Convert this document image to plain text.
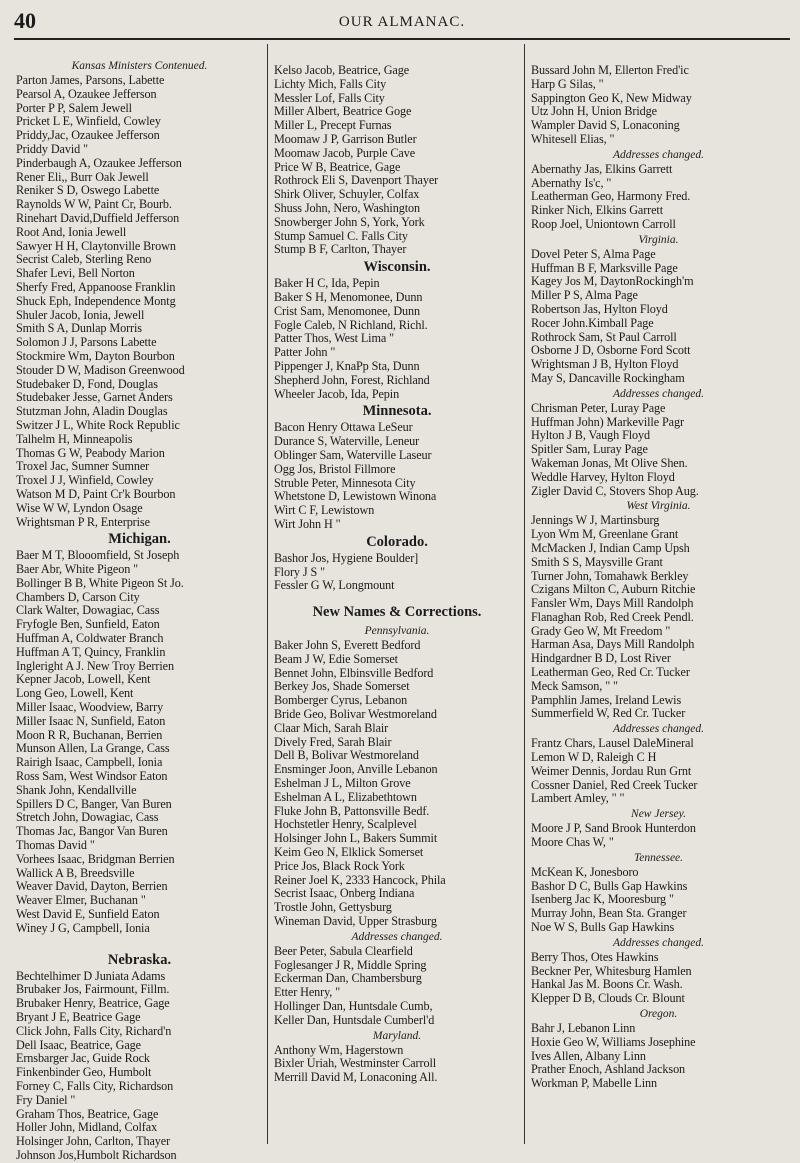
40	OUR ALMANAC.
Kansas Ministers Contenued.
Parton James, Parsons, Labette
Pearsol A, Ozaukee Jefferson
Porter P P, Salem Jewell
Pricket L E, Winfield, Cowley
Priddy,Jac, Ozaukee Jefferson
Priddy David "
Pinderbaugh A, Ozaukee Jefferson
Rener Eli,, Burr Oak Jewell
Reniker S D, Oswego Labette
Raynolds W W, Paint Cr, Bourb.
Rinehart David,Duffield Jefferson
Root And, Ionia Jewell
Sawyer H H, Claytonville Brown
Secrist Caleb, Sterling Reno
Shafer Levi, Bell Norton
Sherfy Fred, Appanoose Franklin
Shuck Eph, Independence Montg
Shuler Jacob, Ionia, Jewell
Smith S A, Dunlap Morris
Solomon J J, Parsons Labette
Stockmire Wm, Dayton Bourbon
Stouder D W, Madison Greenwood
Studebaker D, Fond, Douglas
Studebaker Jesse, Garnet Anders
Stutzman John, Aladin Douglas
Switzer J L, White Rock Republic
Talhelm H, Minneapolis
Thomas G W, Peabody Marion
Troxel Jac, Sumner Sumner
Troxel J J, Winfield, Cowley
Watson M D, Paint Cr'k Bourbon
Wise W W, Lyndon Osage
Wrightsman P R, Enterprise
Michigan.
Baer M T, Blooomfield, St Joseph
Baer Abr, White Pigeon "
Bollinger B B, White Pigeon St Jo.
Chambers D, Carson City
Clark Walter, Dowagiac, Cass
Fryfogle Ben, Sunfield, Eaton
Huffman A, Coldwater Branch
Huffman A T, Quincy, Franklin
Ingleright A J. New Troy Berrien
Kepner Jacob, Lowell, Kent
Long Geo, Lowell, Kent
Miller Isaac, Woodview, Barry
Miller Isaac N, Sunfield, Eaton
Moon R R, Buchanan, Berrien
Munson Allen, La Grange, Cass
Rairigh Isaac, Campbell, Ionia
Ross Sam, West Windsor Eaton
Shank John, Kendallville
Spillers D C, Banger, Van Buren
Stretch John, Dowagiac, Cass
Thomas Jac, Bangor Van Buren
Thomas David "
Vorhees Isaac, Bridgman Berrien
Wallick A B, Breedsville
Weaver David, Dayton, Berrien
Weaver Elmer, Buchanan "
West David E, Sunfield Eaton
Winey J G, Campbell, Ionia
Nebraska.
Bechtelhimer D Juniata Adams
Brubaker Jos, Fairmount, Fillm.
Brubaker Henry, Beatrice, Gage
Bryant J E, Beatrice Gage
Click John, Falls City, Richard'n
Dell Isaac, Beatrice, Gage
Ernsbarger Jac, Guide Rock
Finkenbinder Geo, Humbolt
Forney C, Falls City, Richardson
Fry Daniel "
Graham Thos, Beatrice, Gage
Holler John, Midland, Colfax
Holsinger John, Carlton, Thayer
Johnson Jos,Humbolt Richardson
Kelso Jacob, Beatrice, Gage
Lichty Mich, Falls City
Messler Lof, Falls City
Miller Albert, Beatrice Goge
Miller L, Precept Furnas
Moomaw J P, Garrison Butler
Moomaw Jacob, Purple Cave
Price W B, Beatrice, Gage
Rothrock Eli S, Davenport Thayer
Shirk Oliver, Schuyler, Colfax
Shuss John, Nero, Washington
Snowberger John S, York, York
Stump Samuel C. Falls City
Stump B F, Carlton, Thayer
Wisconsin.
Baker H C, Ida, Pepin
Baker S H, Menomonee, Dunn
Crist Sam, Menomonee, Dunn
Fogle Caleb, N Richland, Richl.
Patter Thos, West Lima "
Patter John "
Pippenger J, KnaPp Sta, Dunn
Shepherd John, Forest, Richland
Wheeler Jacob, Ida, Pepin
Minnesota.
Bacon Henry Ottawa LeSeur
Durance S, Waterville, Leneur
Oblinger Sam, Waterville Laseur
Ogg Jos, Bristol Fillmore
Struble Peter, Minnesota City
Whetstone D, Lewistown Winona
Wirt C F, Lewistown
Wirt John H "
Colorado.
Bashor Jos, Hygiene Boulder]
Flory J S "
Fessler G W, Longmount
New Names & Corrections.
Pennsylvania.
Baker John S, Everett Bedford
Beam J W, Edie Somerset
Bennet John, Elbinsville Bedford
Berkey Jos, Shade Somerset
Bomberger Cyrus, Lebanon
Bride Geo, Bolivar Westmoreland
Claar Mich, Sarah Blair
Dively Fred, Sarah Blair
Dell B, Bolivar Westmoreland
Ensminger Joon, Anville Lebanon
Eshelman J L, Milton Grove
Eshelman A L, Elizabethtown
Fluke John B, Pattonsville Bedf.
Hochstetler Henry, Scalplevel
Holsinger John L, Bakers Summit
Keim Geo N, Elklick Somerset
Price Jos, Black Rock York
Reiner Joel K, 2333 Hancock, Phila
Secrist Isaac, Onberg Indiana
Trostle John, Gettysburg
Wineman David, Upper Strasburg
Addresses changed.
Beer Peter, Sabula Clearfield
Foglesanger J R, Middle Spring
Eckerman Dan, Chambersburg
Etter Henry, "
Hollinger Dan, Huntsdale Cumb,
Keller Dan, Huntsdale Cumberl'd
Maryland.
Anthony Wm, Hagerstown
Bixler Uriah, Westminster Carroll
Merrill David M, Lonaconing All.
Bussard John M, Ellerton Fred'ic
Harp G Silas, "
Sappington Geo K, New Midway
Utz John H, Union Bridge
Wampler David S, Lonaconing
Whitesell Elias, "
Addresses changed.
Abernathy Jas, Elkins Garrett
Abernathy Is'c, "
Leatherman Geo, Harmony Fred.
Rinker Nich, Elkins Garrett
Roop Joel, Uniontown Carroll
Virginia.
Dovel Peter S, Alma Page
Huffman B F, Marksville Page
Kagey Jos M, DaytonRockingh'm
Miller P S, Alma Page
Robertson Jas, Hylton Floyd
Rocer John.Kimball Page
Rothrock Sam, St Paul Carroll
Osborne J D, Osborne Ford Scott
Wrightsman J B, Hylton Floyd
May S, Dancaville Rockingham
Addresses changed.
Chrisman Peter, Luray Page
Huffman John) Markeville Pagr
Hylton J B, Vaugh Floyd
Spitler Sam, Luray Page
Wakeman Jonas, Mt Olive Shen.
Weddle Harvey, Hylton Floyd
Zigler David C, Stovers Shop Aug.
West Virginia.
Jennings W J, Martinsburg
Lyon Wm M, Greenlane Grant
McMacken J, Indian Camp Upsh
Smith S S, Maysville Grant
Turner John, Tomahawk Berkley
Czigans Milton C, Auburn Ritchie
Fansler Wm, Days Mill Randolph
Flanaghan Rob, Red Creek Pendl.
Grady Geo W, Mt Freedom "
Harman Asa, Days Mill Randolph
Hindgardner B D, Lost River
Leatherman Geo, Red Cr. Tucker
Meck Samson, " "
Pamphlin James, Ireland Lewis
Summerfield W, Red Cr. Tucker
Addresses changed.
Frantz Chars, Lausel DaleMineral
Lemon W D, Raleigh C H
Weimer Dennis, Jordau Run Grnt
Cossner Daniel, Red Creek Tucker
Lambert Amley, " "
New Jersey.
Moore J P, Sand Brook Hunterdon
Moore Chas W, "
Tennessee.
McKean K, Jonesboro
Bashor D C, Bulls Gap Hawkins
Isenberg Jac K, Mooresburg "
Murray John, Bean Sta. Granger
Noe W S, Bulls Gap Hawkins
Addresses changed.
Berry Thos, Otes Hawkins
Beckner Per, Whitesburg Hamlen
Hankal Jas M. Boons Cr. Wash.
Klepper D B, Clouds Cr. Blount
Oregon.
Bahr J, Lebanon Linn
Hoxie Geo W, Williams Josephine
Ives Allen, Albany Linn
Prather Enoch, Ashland Jackson
Workman P, Mabelle Linn
